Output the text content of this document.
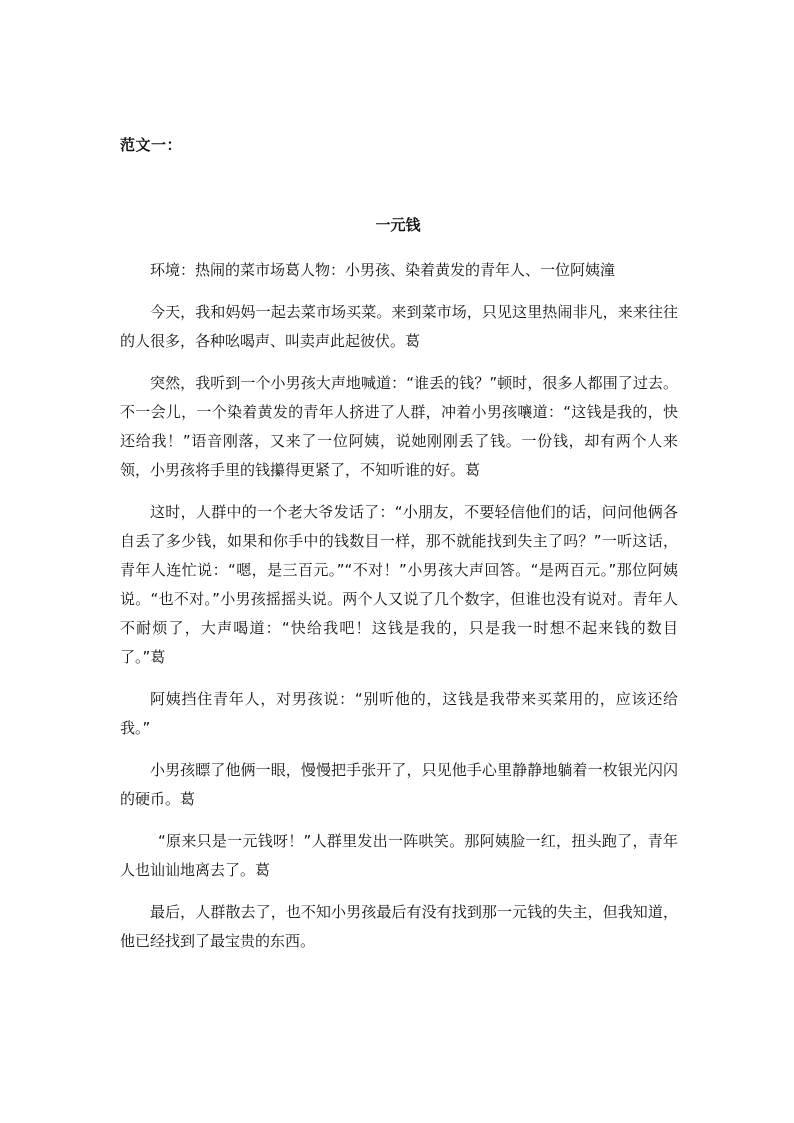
范文一：
一元钱

环境：热闹的菜市场葛人物：小男孩、染着黄发的青年人、一位阿姨潼

今天，我和妈妈一起去菜市场买菜。来到菜市场，只见这里热闹非凡，来来往往的人很多，各种吆喝声、叫卖声此起彼伏。葛

突然，我听到一个小男孩大声地喊道：“谁丢的钱？”顿时，很多人都围了过去。不一会儿，一个染着黄发的青年人挤进了人群，冲着小男孩嚷道：“这钱是我的，快还给我！”语音刚落，又来了一位阿姨，说她刚刚丢了钱。一份钱，却有两个人来领，小男孩将手里的钱攥得更紧了，不知听谁的好。葛

这时，人群中的一个老大爷发话了：“小朋友，不要轻信他们的话，问问他俩各自丢了多少钱，如果和你手中的钱数目一样，那不就能找到失主了吗？”一听这话，青年人连忙说：“嗯，是三百元。”“不对！”小男孩大声回答。“是两百元。”那位阿姨说。“也不对。”小男孩摇摇头说。两个人又说了几个数字，但谁也没有说对。青年人不耐烦了，大声喝道：“快给我吧！这钱是我的，只是我一时想不起来钱的数目了。”葛

阿姨挡住青年人，对男孩说：“别听他的，这钱是我带来买菜用的，应该还给我。”

小男孩瞟了他俩一眼，慢慢把手张开了，只见他手心里静静地躺着一枚银光闪闪的硬币。葛

“原来只是一元钱呀！”人群里发出一阵哄笑。那阿姨脸一红，扭头跑了，青年人也讪讪地离去了。葛

最后，人群散去了，也不知小男孩最后有没有找到那一元钱的失主，但我知道，他已经找到了最宝贵的东西。
